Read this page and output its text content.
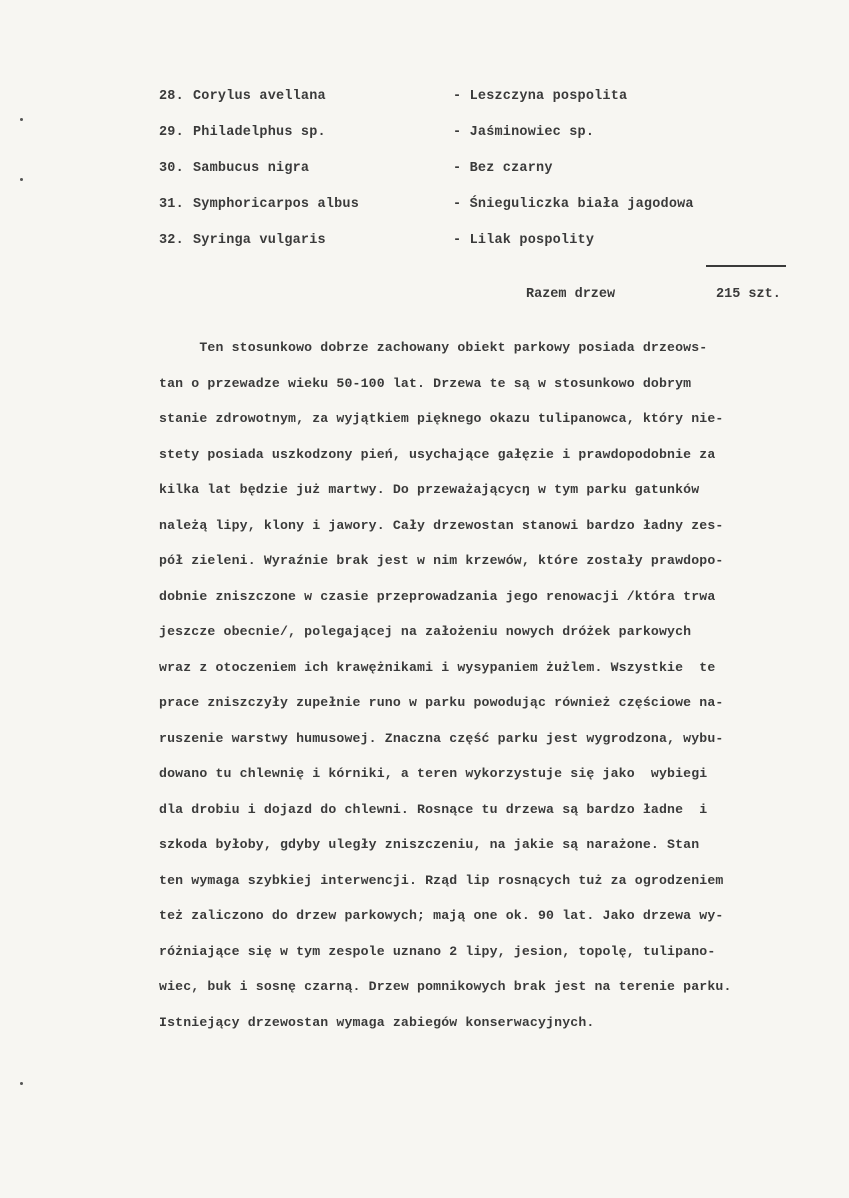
28. Corylus avellana	- Leszczyna pospolita
29. Philadelphus sp.	- Jaśminowiec sp.
30. Sambucus nigra	- Bez czarny
31. Symphoricarpos albus	- Śnieguliczka biała jagodowa
32. Syringa vulgaris	- Lilak pospolity
Razem drzew	215 szt.
Ten stosunkowo dobrze zachowany obiekt parkowy posiada drzeows-
tan o przewadze wieku 50-100 lat. Drzewa te są w stosunkowo dobrym
stanie zdrowotnym, za wyjątkiem pięknego okazu tulipanowca, który nie-
stety posiada uszkodzony pień, usychające gałęzie i prawdopodobnie za
kilka lat będzie już martwy. Do przeważającycŋ w tym parku gatunków
należą lipy, klony i jawory. Cały drzewostan stanowi bardzo ładny zes-
pół zieleni. Wyraźnie brak jest w nim krzewów, które zostały prawdopo-
dobnie zniszczone w czasie przeprowadzania jego renowacji /która trwa
jeszcze obecnie/, polegającej na założeniu nowych dróżek parkowych
wraz z otoczeniem ich krawężnikami i wysypaniem żużlem. Wszystkie  te
prace zniszczyły zupełnie runo w parku powodując również częściowe na-
ruszenie warstwy humusowej. Znaczna część parku jest wygrodzona, wybu-
dowano tu chlewnię i kórniki, a teren wykorzystuje się jako  wybiegi
dla drobiu i dojazd do chlewni. Rosnące tu drzewa są bardzo ładne  i
szkoda byłoby, gdyby uległy zniszczeniu, na jakie są narażone. Stan
ten wymaga szybkiej interwencji. Rząd lip rosnących tuż za ogrodzeniem
też zaliczono do drzew parkowych; mają one ok. 90 lat. Jako drzewa wy-
różniające się w tym zespole uznano 2 lipy, jesion, topolę, tulipano-
wiec, buk i sosnę czarną. Drzew pomnikowych brak jest na terenie parku.
Istniejący drzewostan wymaga zabiegów konserwacyjnych.
